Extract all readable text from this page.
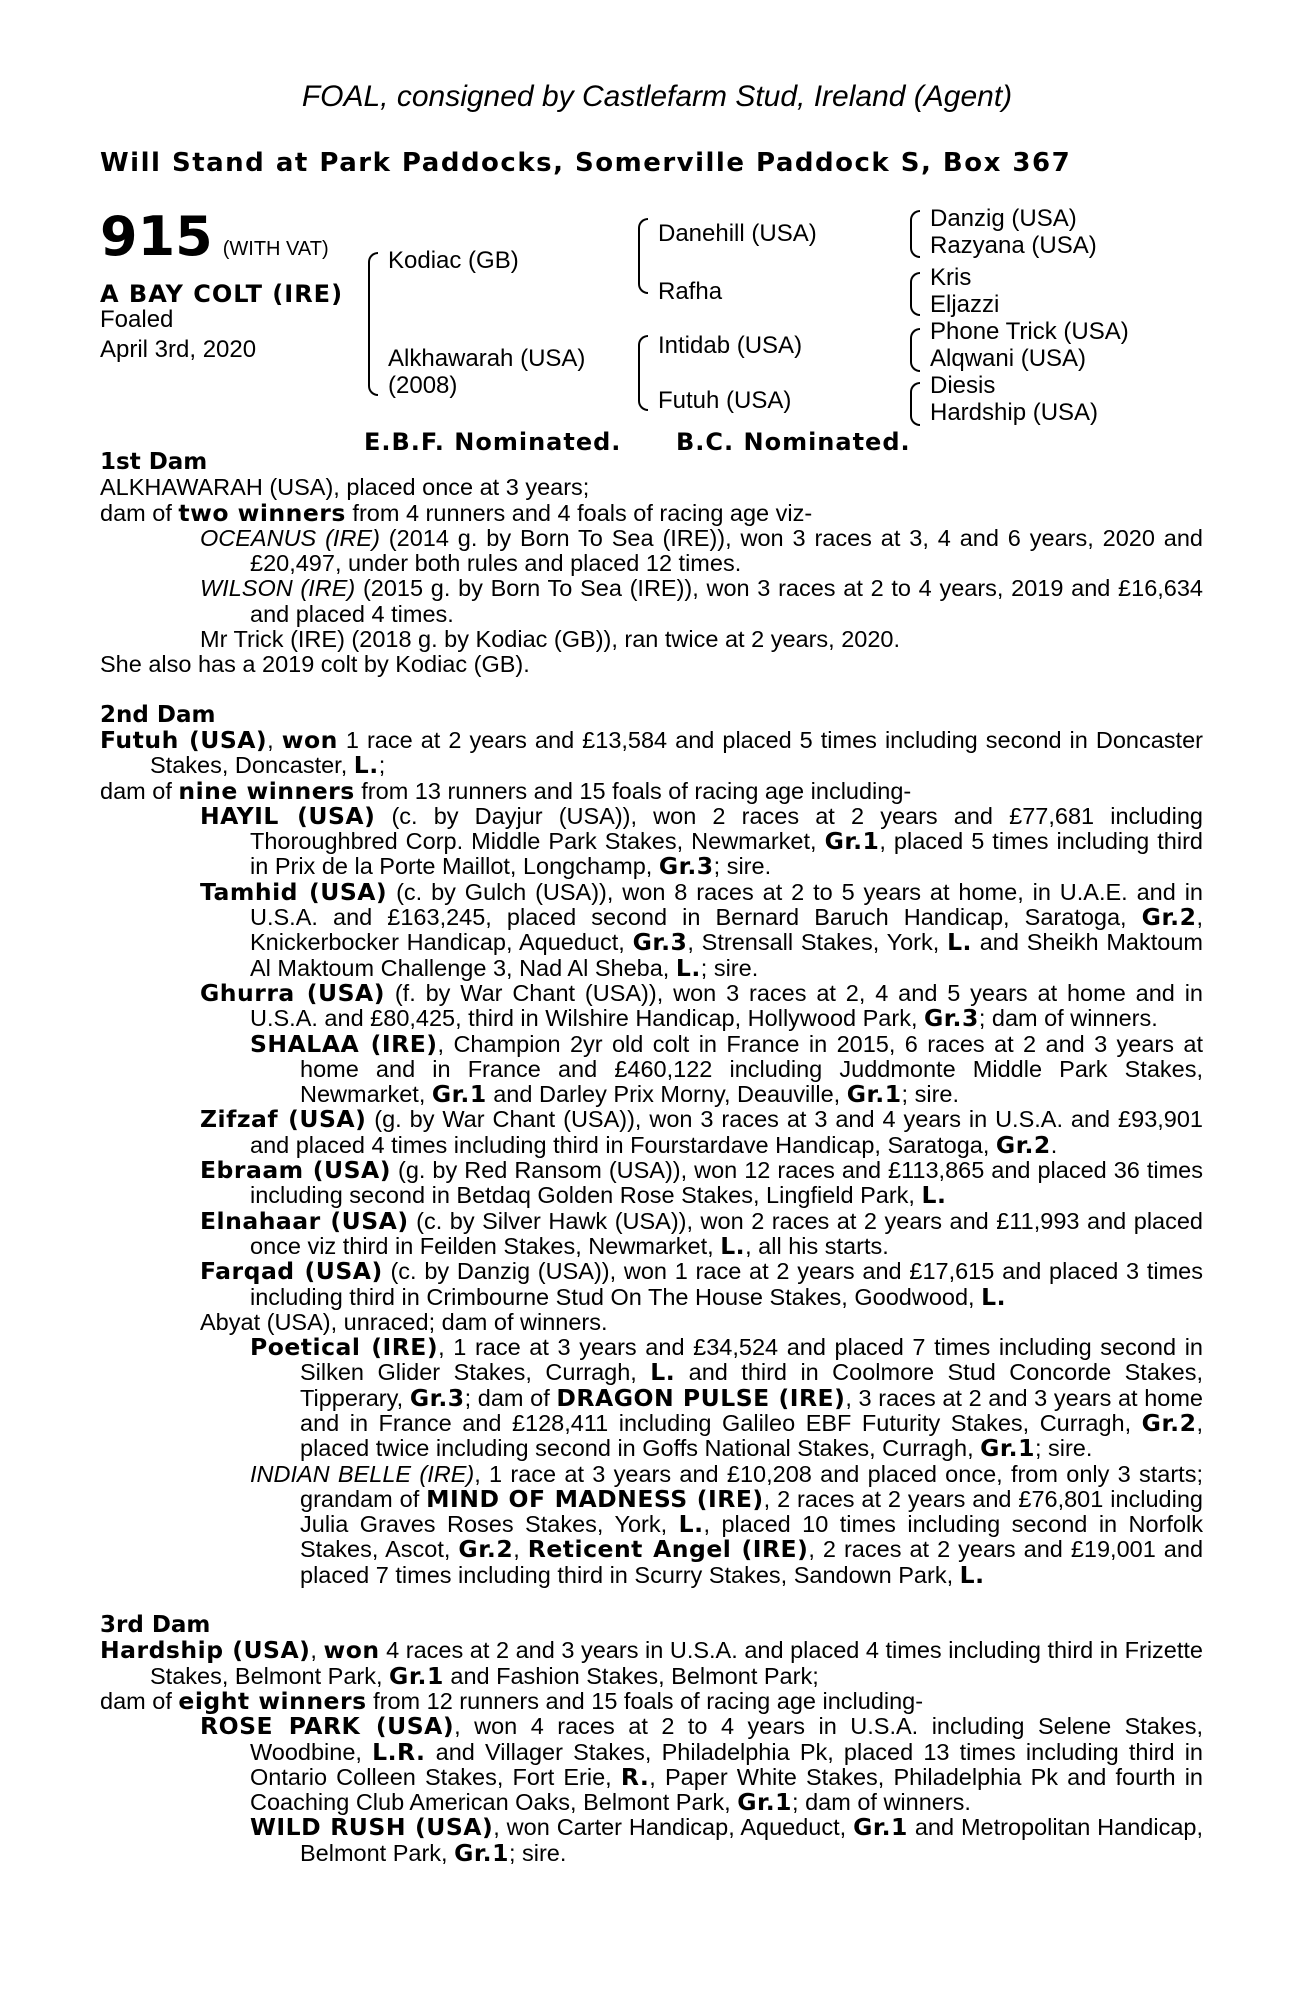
FOAL, consigned by Castlefarm Stud, Ireland (Agent)
Will Stand at Park Paddocks, Somerville Paddock S, Box 367
915 (WITH VAT)
A BAY COLT (IRE)
Foaled
April 3rd, 2020
Kodiac (GB)
Alkhawarah (USA)
(2008)
Danehill (USA)
Rafha
Intidab (USA)
Futuh (USA)
Danzig (USA)
Razyana (USA)
Kris
Eljazzi
Phone Trick (USA)
Alqwani (USA)
Diesis
Hardship (USA)
E.B.F. Nominated. B.C. Nominated.

1st Dam

ALKHAWARAH (USA), placed once at 3 years;

dam of two winners from 4 runners and 4 foals of racing age viz-

OCEANUS (IRE) (2014 g. by Born To Sea (IRE)), won 3 races at 3, 4 and 6 years, 2020 and £20,497, under both rules and placed 12 times.

WILSON (IRE) (2015 g. by Born To Sea (IRE)), won 3 races at 2 to 4 years, 2019 and £16,634 and placed 4 times.

Mr Trick (IRE) (2018 g. by Kodiac (GB)), ran twice at 2 years, 2020.

She also has a 2019 colt by Kodiac (GB).

2nd Dam

Futuh (USA), won 1 race at 2 years and £13,584 and placed 5 times including second in Doncaster Stakes, Doncaster, L.;

dam of nine winners from 13 runners and 15 foals of racing age including-

HAYIL (USA) (c. by Dayjur (USA)), won 2 races at 2 years and £77,681 including Thoroughbred Corp. Middle Park Stakes, Newmarket, Gr.1, placed 5 times including third in Prix de la Porte Maillot, Longchamp, Gr.3; sire.

Tamhid (USA) (c. by Gulch (USA)), won 8 races at 2 to 5 years at home, in U.A.E. and in U.S.A. and £163,245, placed second in Bernard Baruch Handicap, Saratoga, Gr.2, Knickerbocker Handicap, Aqueduct, Gr.3, Strensall Stakes, York, L. and Sheikh Maktoum Al Maktoum Challenge 3, Nad Al Sheba, L.; sire.

Ghurra (USA) (f. by War Chant (USA)), won 3 races at 2, 4 and 5 years at home and in U.S.A. and £80,425, third in Wilshire Handicap, Hollywood Park, Gr.3; dam of winners.

SHALAA (IRE), Champion 2yr old colt in France in 2015, 6 races at 2 and 3 years at home and in France and £460,122 including Juddmonte Middle Park Stakes, Newmarket, Gr.1 and Darley Prix Morny, Deauville, Gr.1; sire.

Zifzaf (USA) (g. by War Chant (USA)), won 3 races at 3 and 4 years in U.S.A. and £93,901 and placed 4 times including third in Fourstardave Handicap, Saratoga, Gr.2.

Ebraam (USA) (g. by Red Ransom (USA)), won 12 races and £113,865 and placed 36 times including second in Betdaq Golden Rose Stakes, Lingfield Park, L.

Elnahaar (USA) (c. by Silver Hawk (USA)), won 2 races at 2 years and £11,993 and placed once viz third in Feilden Stakes, Newmarket, L., all his starts.

Farqad (USA) (c. by Danzig (USA)), won 1 race at 2 years and £17,615 and placed 3 times including third in Crimbourne Stud On The House Stakes, Goodwood, L.

Abyat (USA), unraced; dam of winners.

Poetical (IRE), 1 race at 3 years and £34,524 and placed 7 times including second in Silken Glider Stakes, Curragh, L. and third in Coolmore Stud Concorde Stakes, Tipperary, Gr.3; dam of DRAGON PULSE (IRE), 3 races at 2 and 3 years at home and in France and £128,411 including Galileo EBF Futurity Stakes, Curragh, Gr.2, placed twice including second in Goffs National Stakes, Curragh, Gr.1; sire.

INDIAN BELLE (IRE), 1 race at 3 years and £10,208 and placed once, from only 3 starts; grandam of MIND OF MADNESS (IRE), 2 races at 2 years and £76,801 including Julia Graves Roses Stakes, York, L., placed 10 times including second in Norfolk Stakes, Ascot, Gr.2, Reticent Angel (IRE), 2 races at 2 years and £19,001 and placed 7 times including third in Scurry Stakes, Sandown Park, L.

3rd Dam

Hardship (USA), won 4 races at 2 and 3 years in U.S.A. and placed 4 times including third in Frizette Stakes, Belmont Park, Gr.1 and Fashion Stakes, Belmont Park;

dam of eight winners from 12 runners and 15 foals of racing age including-

ROSE PARK (USA), won 4 races at 2 to 4 years in U.S.A. including Selene Stakes, Woodbine, L.R. and Villager Stakes, Philadelphia Pk, placed 13 times including third in Ontario Colleen Stakes, Fort Erie, R., Paper White Stakes, Philadelphia Pk and fourth in Coaching Club American Oaks, Belmont Park, Gr.1; dam of winners.

WILD RUSH (USA), won Carter Handicap, Aqueduct, Gr.1 and Metropolitan Handicap, Belmont Park, Gr.1; sire.
